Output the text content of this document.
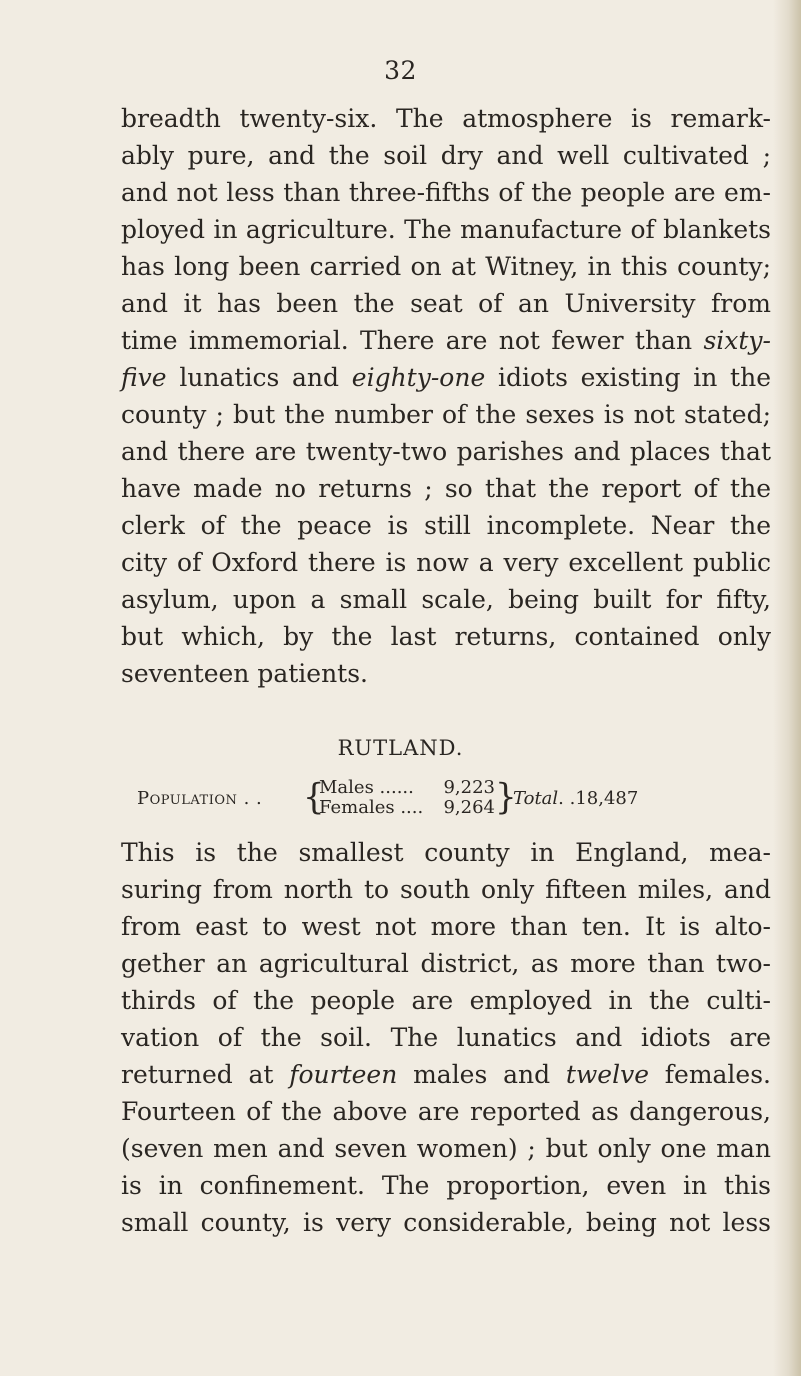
32
breadth twenty-six. The atmosphere is remark-
ably pure, and the soil dry and well cultivated ;
and not less than three-fifths of the people are em-
ployed in agriculture. The manufacture of blankets
has long been carried on at Witney, in this county;
and it has been the seat of an University from
time immemorial. There are not fewer than sixty-
five lunatics and eighty-one idiots existing in the
county ; but the number of the sexes is not stated;
and there are twenty-two parishes and places that
have made no returns ; so that the report of the
clerk of the peace is still incomplete. Near the
city of Oxford there is now a very excellent public
asylum, upon a small scale, being built for fifty,
but which, by the last returns, contained only
seventeen patients.
RUTLAND.
Population . . {
Males ...... 9,223
Females .... 9,264 }
Total. .18,487
This is the smallest county in England, mea-
suring from north to south only fifteen miles, and
from east to west not more than ten. It is alto-
gether an agricultural district, as more than two-
thirds of the people are employed in the culti-
vation of the soil. The lunatics and idiots are
returned at fourteen males and twelve females.
Fourteen of the above are reported as dangerous,
(seven men and seven women) ; but only one man
is in confinement. The proportion, even in this
small county, is very considerable, being not less
